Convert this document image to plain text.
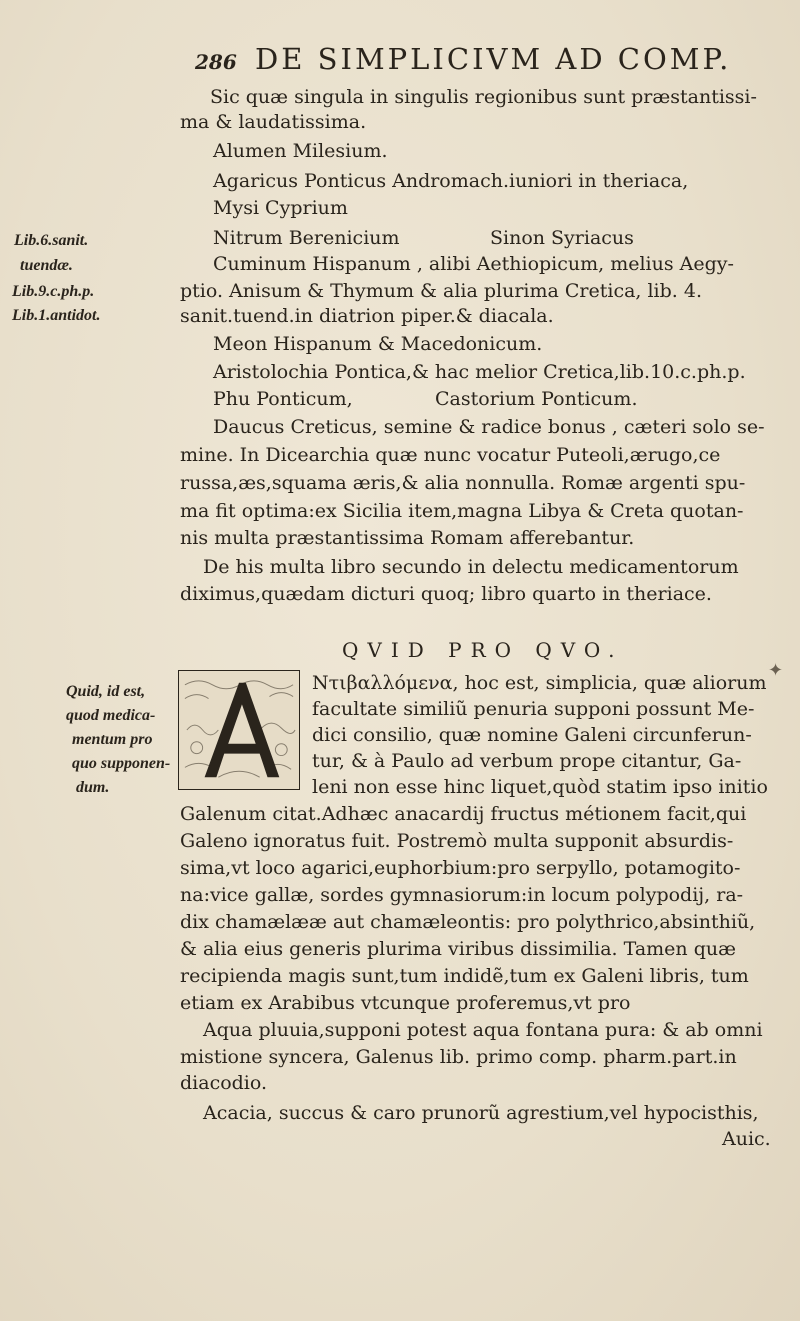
286 DE SIMPLICIVM AD COMP.
Lib.6.sanit.
tuendæ.
Lib.9.c.ph.p.
Lib.1.antidot.
Quid, id est,
quod medica-
mentum pro
quo supponen-
dum.
Sic quæ singula in singulis regionibus sunt præstantissi-
ma & laudatissima.
Alumen Milesium.
Agaricus Ponticus Andromach.iuniori in theriaca,
Mysi Cyprium
Nitrum Berenicium	Sinon Syriacus
Cuminum Hispanum , alibi Aethiopicum, melius Aegy-
ptio. Anisum & Thymum & alia plurima Cretica, lib. 4.
sanit.tuend.in diatrion piper.& diacala.
Meon Hispanum & Macedonicum.
Aristolochia Pontica,& hac melior Cretica,lib.10.c.ph.p.
Phu Ponticum,	Castorium Ponticum.
Daucus Creticus, semine & radice bonus , cæteri solo se-
mine. In Dicearchia quæ nunc vocatur Puteoli,ærugo,ce
russa,æs,squama æris,& alia nonnulla. Romæ argenti spu-
ma fit optima:ex Sicilia item,magna Libya & Creta quotan-
nis multa præstantissima Romam afferebantur.
De his multa libro secundo in delectu medicamentorum
diximus,quædam dicturi quoq; libro quarto in theriace.
QVID PRO QVO.
✦
Ντιβαλλόμενα, hoc est, simplicia, quæ aliorum
facultate similiũ penuria supponi possunt Me-
dici consilio, quæ nomine Galeni circunferun-
tur, & à Paulo ad verbum prope citantur, Ga-
leni non esse hinc liquet,quòd statim ipso initio
Galenum citat.Adhæc anacardij fructus métionem facit,qui
Galeno ignoratus fuit. Postremò multa supponit absurdis-
sima,vt loco agarici,euphorbium:pro serpyllo, potamogito-
na:vice gallæ, sordes gymnasiorum:in locum polypodij, ra-
dix chamælææ aut chamæleontis: pro polythrico,absinthiũ,
& alia eius generis plurima viribus dissimilia. Tamen quæ
recipienda magis sunt,tum indidẽ,tum ex Galeni libris, tum
etiam ex Arabibus vtcunque proferemus,vt pro
Aqua pluuia,supponi potest aqua fontana pura: & ab omni
mistione syncera, Galenus lib. primo comp. pharm.part.in
diacodio.
Acacia, succus & caro prunorũ agrestium,vel hypocisthis,
Auic.
